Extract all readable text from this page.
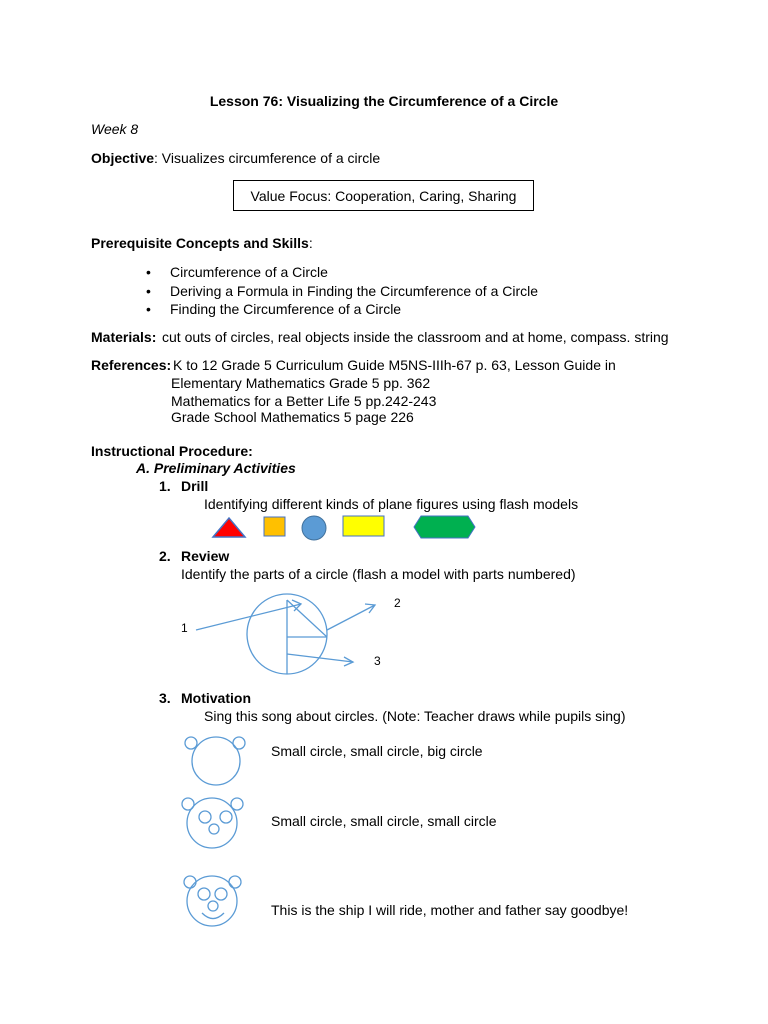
Lesson 76: Visualizing the Circumference of a Circle
Week 8
Objective: Visualizes circumference of a circle
Value Focus: Cooperation, Caring, Sharing
Prerequisite Concepts and Skills:
• Circumference of a Circle
• Deriving a Formula in Finding the Circumference of a Circle
• Finding the Circumference of a Circle
Materials: cut outs of circles, real objects inside the classroom and at home, compass. string
References: K to 12 Grade 5 Curriculum Guide M5NS-IIIh-67 p. 63, Lesson Guide in
Elementary Mathematics Grade 5 pp. 362
Mathematics for a Better Life 5 pp.242-243
Grade School Mathematics 5 page 226
Instructional Procedure:
A. Preliminary Activities
1. Drill
Identifying different kinds of plane figures using flash models
2. Review
Identify the parts of a circle (flash a model with parts numbered)
1
2
3
3. Motivation
Sing this song about circles. (Note: Teacher draws while pupils sing)
Small circle, small circle, big circle
Small circle, small circle, small circle
This is the ship I will ride, mother and father say goodbye!
